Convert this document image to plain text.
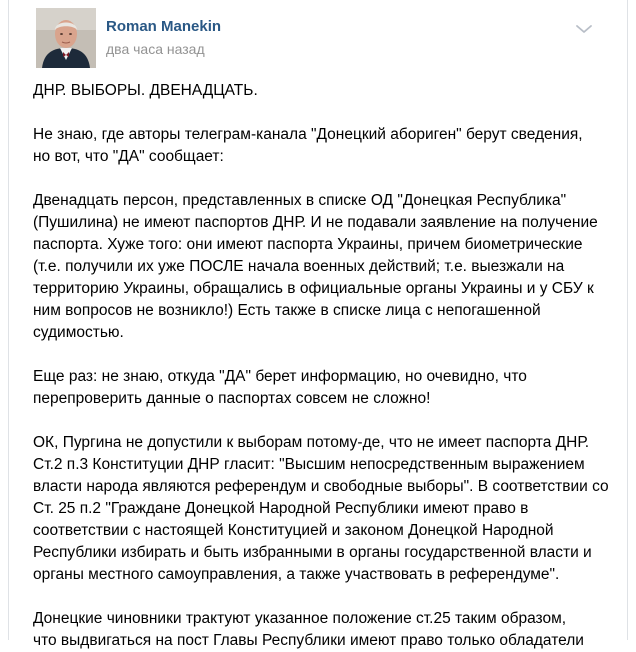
Roman Manekin
два часа назад
ДНР. ВЫБОРЫ. ДВЕНАДЦАТЬ.
Не знаю, где авторы телеграм-канала "Донецкий абориген" берут сведения,
но вот, что "ДА" сообщает:
Двенадцать персон, представленных в списке ОД "Донецкая Республика"
(Пушилина) не имеют паспортов ДНР. И не подавали заявление на получение
паспорта. Хуже того: они имеют паспорта Украины, причем биометрические
(т.е. получили их уже ПОСЛЕ начала военных действий; т.е. выезжали на
территорию Украины, обращались в официальные органы Украины и у СБУ к
ним вопросов не возникло!) Есть также в списке лица с непогашенной
судимостью.
Еще раз: не знаю, откуда "ДА" берет информацию, но очевидно, что
перепроверить данные о паспортах совсем не сложно!
ОК, Пургина не допустили к выборам потому-де, что не имеет паспорта ДНР.
Ст.2 п.3 Конституции ДНР гласит: "Высшим непосредственным выражением
власти народа являются референдум и свободные выборы". В соответствии со
Ст. 25 п.2 "Граждане Донецкой Народной Республики имеют право в
соответствии с настоящей Конституцией и законом Донецкой Народной
Республики избирать и быть избранными в органы государственной власти и
органы местного самоуправления, а также участвовать в референдуме".
Донецкие чиновники трактуют указанное положение ст.25 таким образом,
что выдвигаться на пост Главы Республики имеют право только обладатели
